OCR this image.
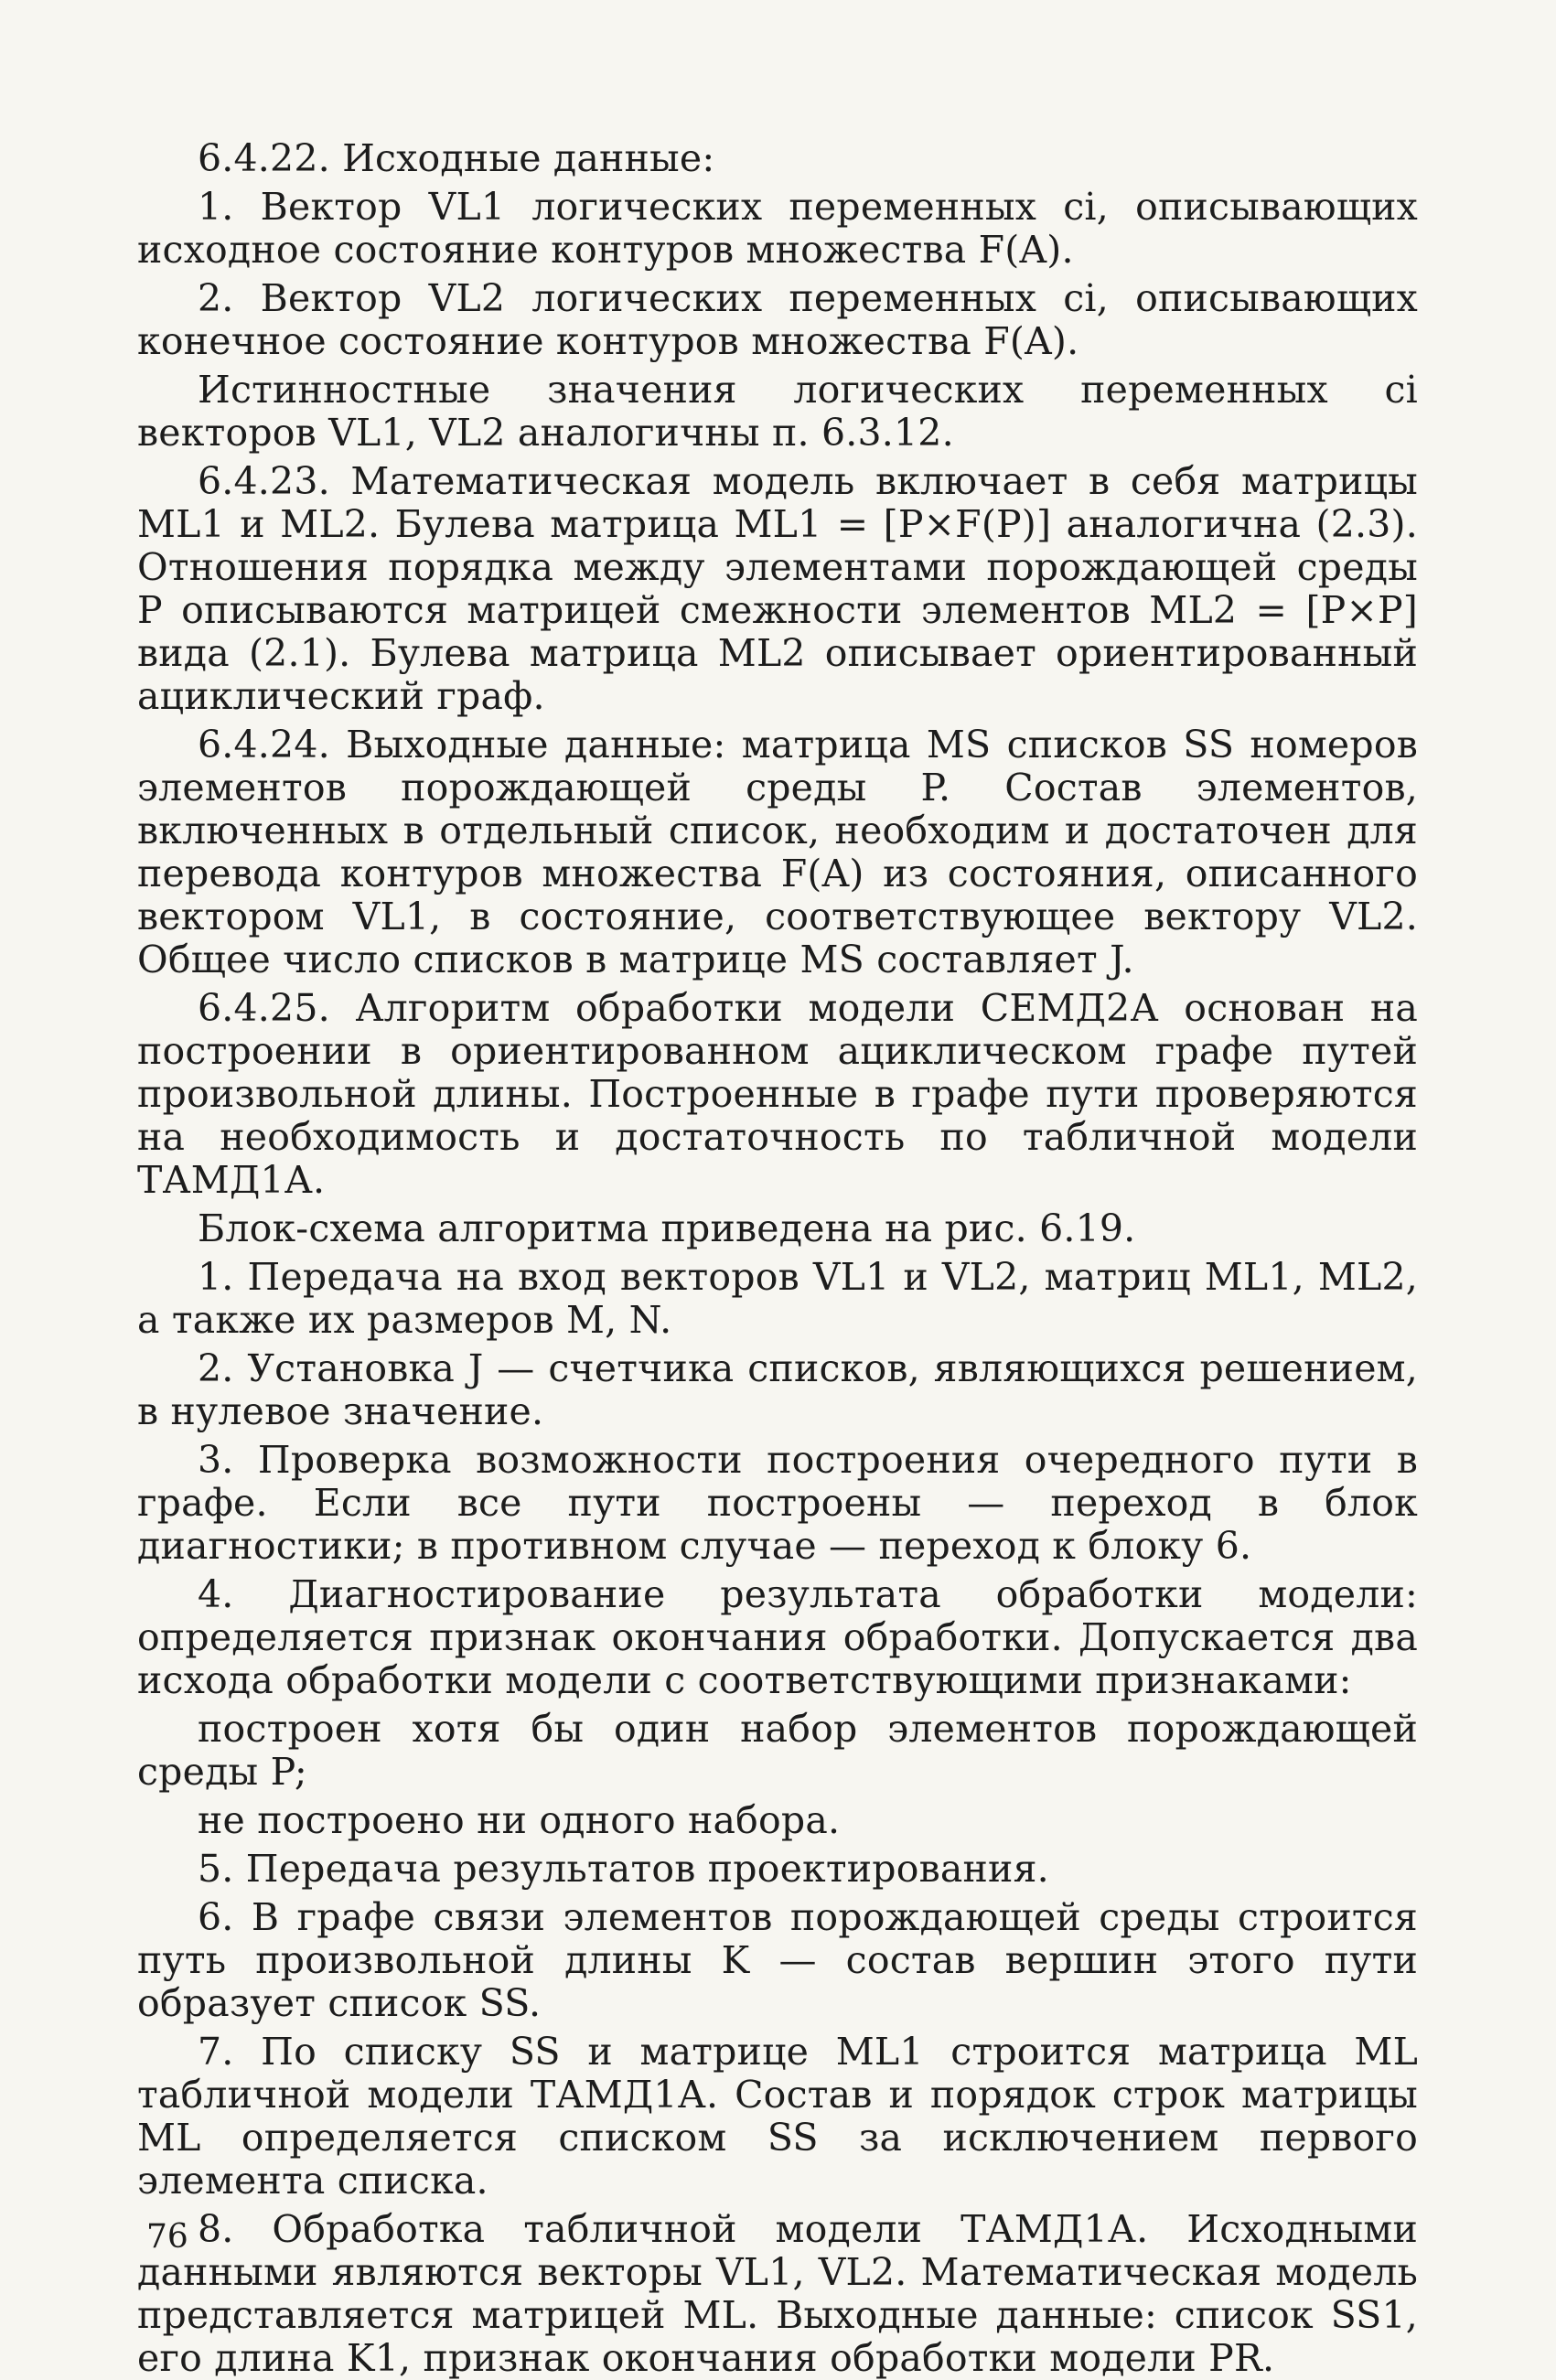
6.4.22. Исходные данные:

1. Вектор VL1 логических переменных ci, описывающих исходное состояние контуров множества F(A).

2. Вектор VL2 логических переменных ci, описывающих конечное состояние контуров множества F(A).

Истинностные значения логических переменных ci векторов VL1, VL2 аналогичны п. 6.3.12.

6.4.23. Математическая модель включает в себя матрицы ML1 и ML2. Булева матрица ML1 = [P×F(P)] аналогична (2.3). Отношения порядка между элементами порождающей среды P описываются матрицей смежности элементов ML2 = [P×P] вида (2.1). Булева матрица ML2 описывает ориентированный ациклический граф.

6.4.24. Выходные данные: матрица MS списков SS номеров элементов порождающей среды P. Состав элементов, включенных в отдельный список, необходим и достаточен для перевода контуров множества F(A) из состояния, описанного вектором VL1, в состояние, соответствующее вектору VL2. Общее число списков в матрице MS составляет J.

6.4.25. Алгоритм обработки модели СЕМД2А основан на построении в ориентированном ациклическом графе путей произвольной длины. Построенные в графе пути проверяются на необходимость и достаточность по табличной модели ТАМД1А.

Блок-схема алгоритма приведена на рис. 6.19.

1. Передача на вход векторов VL1 и VL2, матриц ML1, ML2, а также их размеров M, N.

2. Установка J — счетчика списков, являющихся решением, в нулевое значение.

3. Проверка возможности построения очередного пути в графе. Если все пути построены — переход в блок диагностики; в противном случае — переход к блоку 6.

4. Диагностирование результата обработки модели: определяется признак окончания обработки. Допускается два исхода обработки модели с соответствующими признаками:

построен хотя бы один набор элементов порождающей среды P;

не построено ни одного набора.

5. Передача результатов проектирования.

6. В графе связи элементов порождающей среды строится путь произвольной длины K — состав вершин этого пути образует список SS.

7. По списку SS и матрице ML1 строится матрица ML табличной модели ТАМД1А. Состав и порядок строк матрицы ML определяется списком SS за исключением первого элемента списка.

8. Обработка табличной модели ТАМД1А. Исходными данными являются векторы VL1, VL2. Математическая модель представляется матрицей ML. Выходные данные: список SS1, его длина K1, признак окончания обработки модели PR.

76
